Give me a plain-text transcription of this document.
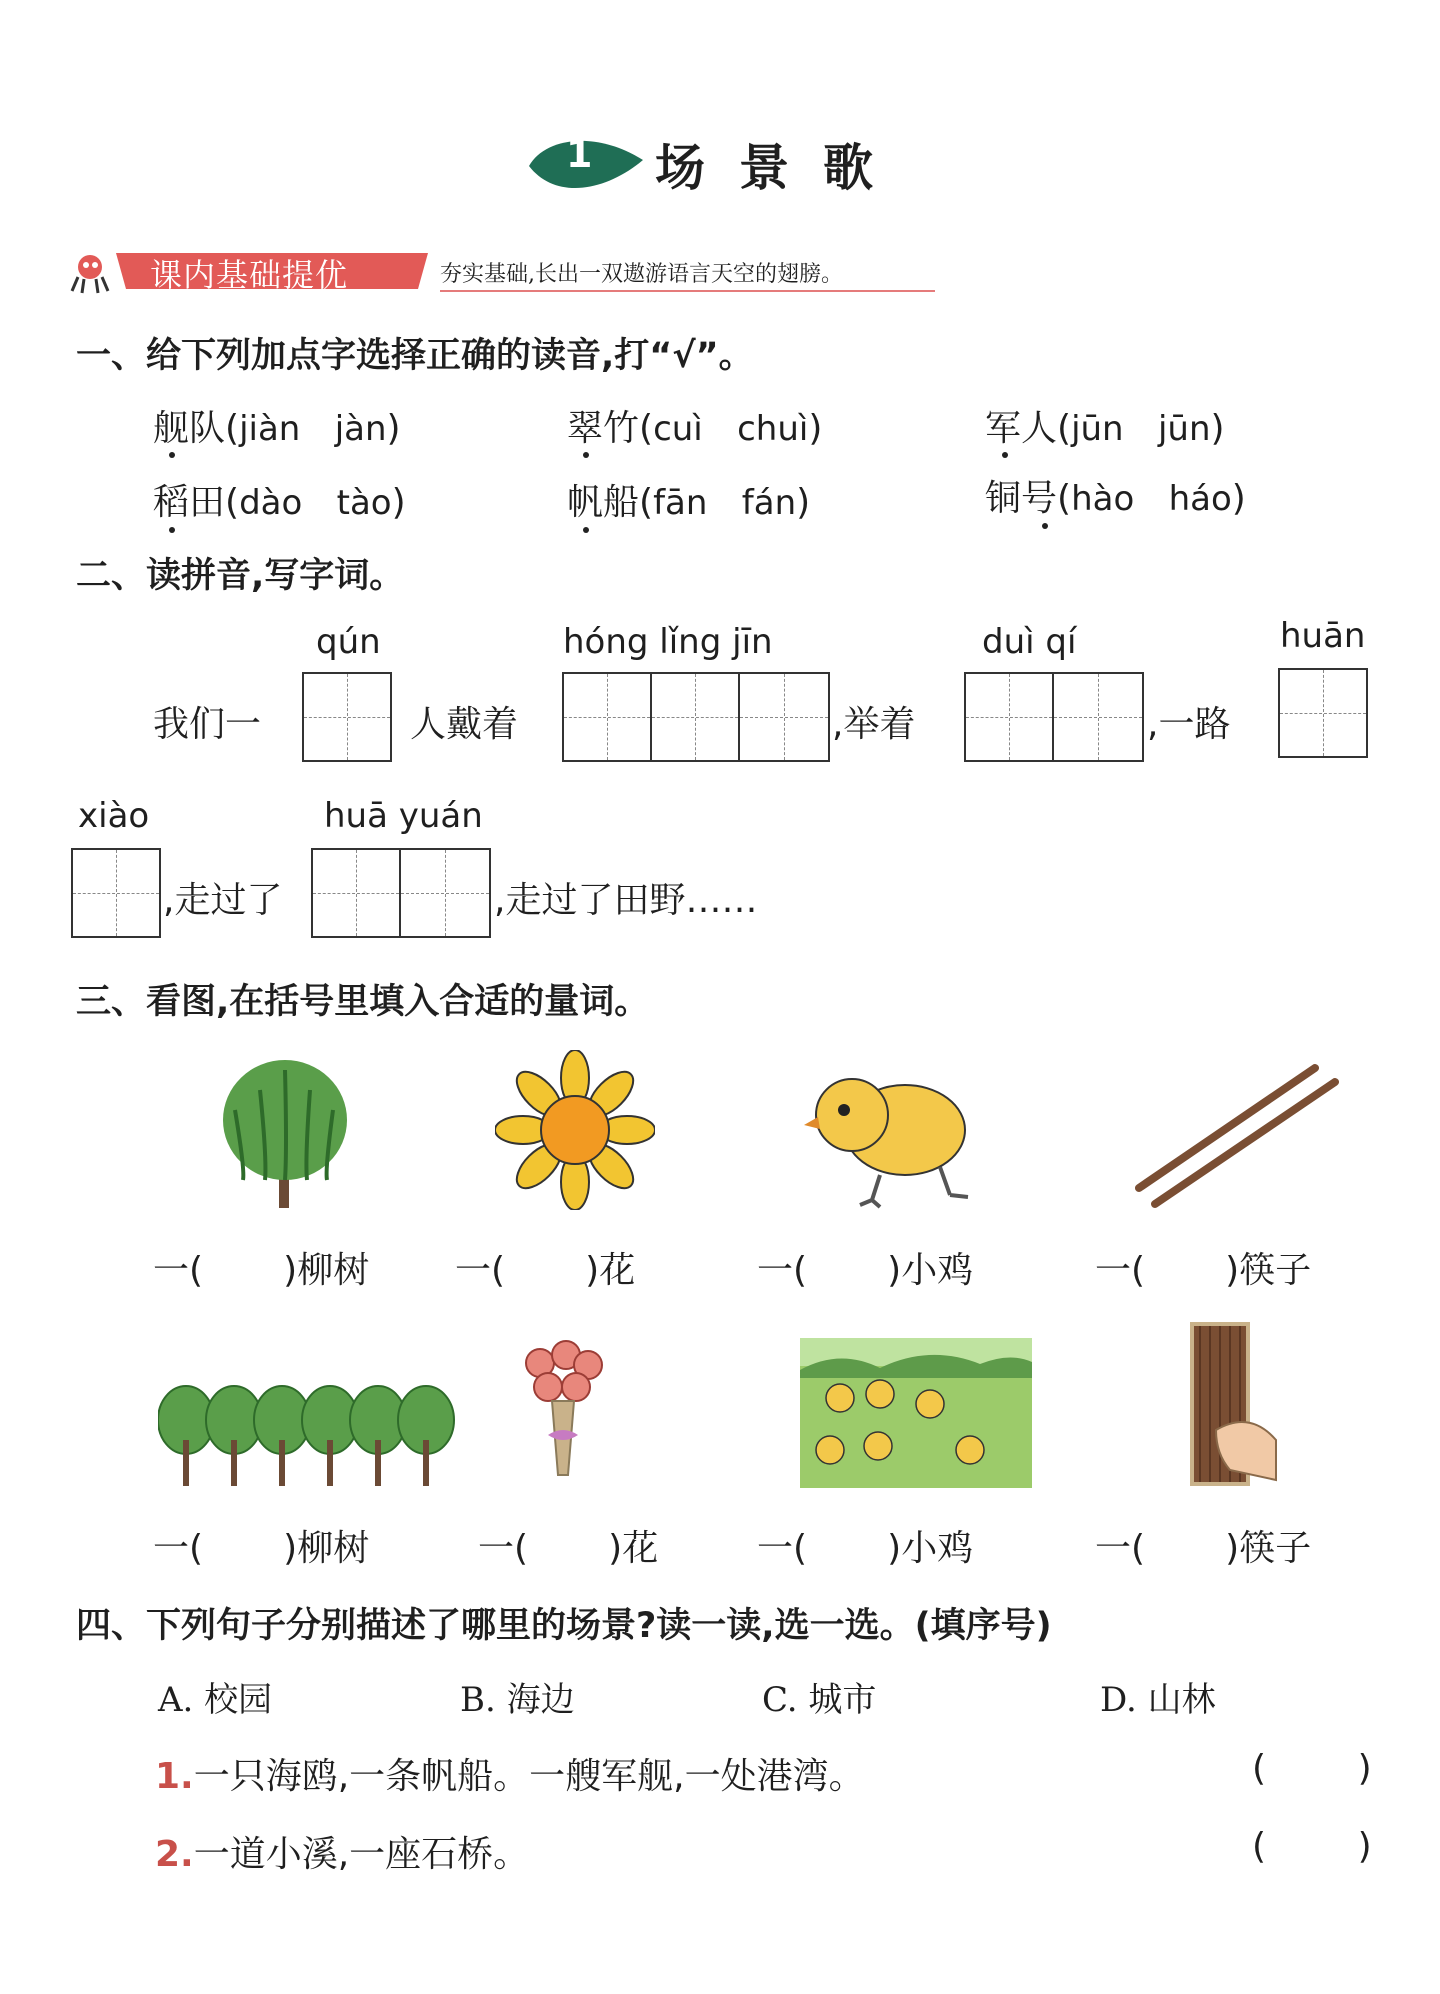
1 场景歌
课内基础提优	夯实基础,长出一双遨游语言天空的翅膀。
一、给下列加点字选择正确的读音,打“√”。
舰队(jiàn jàn)	翠竹(cuì chuì)	军人(jūn jūn)
稻田(dào tào)	帆船(fān fán)	铜号(hào háo)
二、读拼音,写字词。
qún	hóng lǐng jīn	duì qí	huān
我们一	人戴着	,举着	,一路
xiào	huā yuán
,走过了	,走过了田野……
三、看图,在括号里填入合适的量词。
一( )柳树 一( )花	一( )小鸡	一( )筷子
一( )柳树	一( )花	一( )小鸡	一( )筷子
四、下列句子分别描述了哪里的场景?读一读,选一选。(填序号)
A. 校园	B. 海边	C. 城市	D. 山林
1.一只海鸥,一条帆船。一艘军舰,一处港湾。	(        )
2.一道小溪,一座石桥。	(        )
